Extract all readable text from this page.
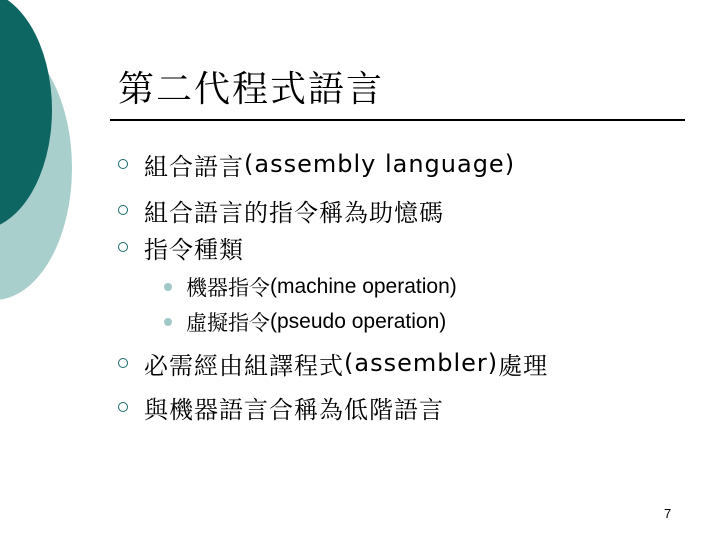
第二代程式語言
組合語言 (assembly language)
組合語言的指令稱為助憶碼
指令種類
機器指令 (machine operation)
虛擬指令 (pseudo operation)
必需經由組譯程式 (assembler) 處理
與機器語言合稱為低階語言
7
